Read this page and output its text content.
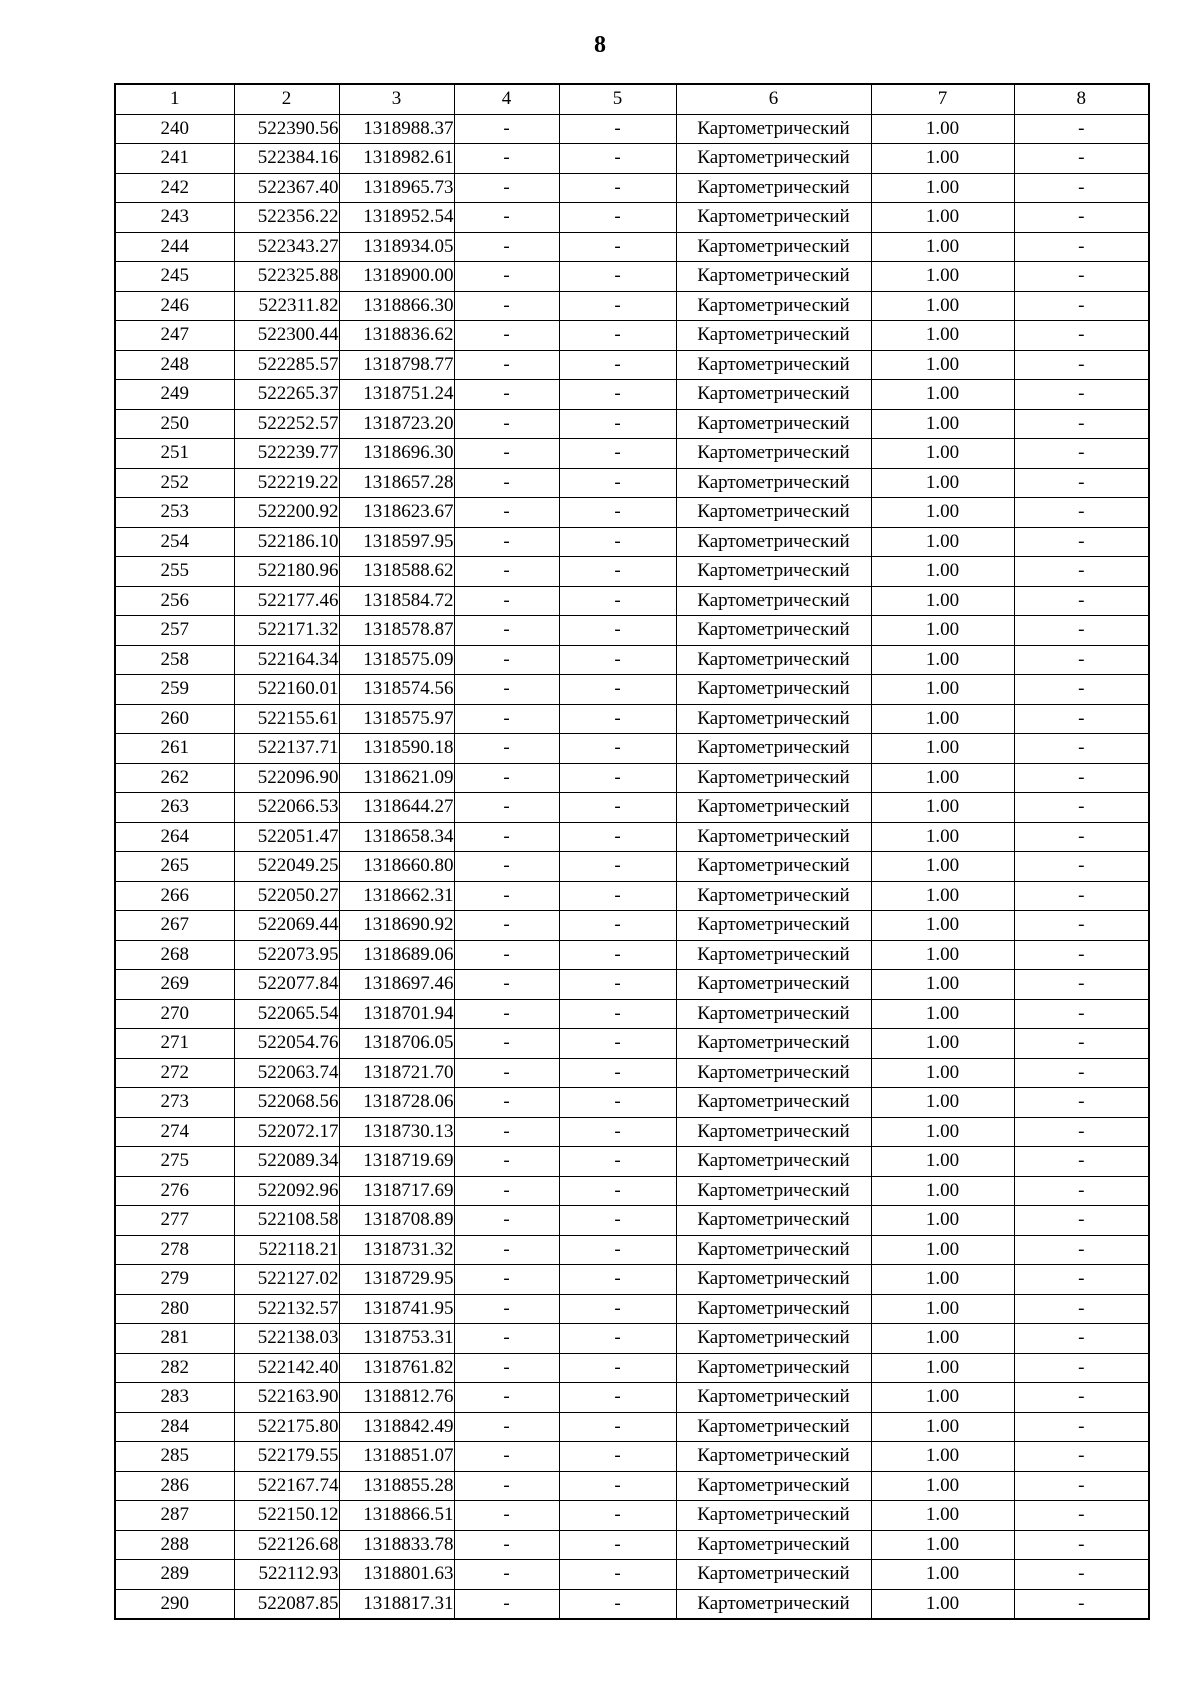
8
1	2	3	4	5	6	7	8
240	522390.56	1318988.37	-	-	Картометрический	1.00	-
241	522384.16	1318982.61	-	-	Картометрический	1.00	-
242	522367.40	1318965.73	-	-	Картометрический	1.00	-
243	522356.22	1318952.54	-	-	Картометрический	1.00	-
244	522343.27	1318934.05	-	-	Картометрический	1.00	-
245	522325.88	1318900.00	-	-	Картометрический	1.00	-
246	522311.82	1318866.30	-	-	Картометрический	1.00	-
247	522300.44	1318836.62	-	-	Картометрический	1.00	-
248	522285.57	1318798.77	-	-	Картометрический	1.00	-
249	522265.37	1318751.24	-	-	Картометрический	1.00	-
250	522252.57	1318723.20	-	-	Картометрический	1.00	-
251	522239.77	1318696.30	-	-	Картометрический	1.00	-
252	522219.22	1318657.28	-	-	Картометрический	1.00	-
253	522200.92	1318623.67	-	-	Картометрический	1.00	-
254	522186.10	1318597.95	-	-	Картометрический	1.00	-
255	522180.96	1318588.62	-	-	Картометрический	1.00	-
256	522177.46	1318584.72	-	-	Картометрический	1.00	-
257	522171.32	1318578.87	-	-	Картометрический	1.00	-
258	522164.34	1318575.09	-	-	Картометрический	1.00	-
259	522160.01	1318574.56	-	-	Картометрический	1.00	-
260	522155.61	1318575.97	-	-	Картометрический	1.00	-
261	522137.71	1318590.18	-	-	Картометрический	1.00	-
262	522096.90	1318621.09	-	-	Картометрический	1.00	-
263	522066.53	1318644.27	-	-	Картометрический	1.00	-
264	522051.47	1318658.34	-	-	Картометрический	1.00	-
265	522049.25	1318660.80	-	-	Картометрический	1.00	-
266	522050.27	1318662.31	-	-	Картометрический	1.00	-
267	522069.44	1318690.92	-	-	Картометрический	1.00	-
268	522073.95	1318689.06	-	-	Картометрический	1.00	-
269	522077.84	1318697.46	-	-	Картометрический	1.00	-
270	522065.54	1318701.94	-	-	Картометрический	1.00	-
271	522054.76	1318706.05	-	-	Картометрический	1.00	-
272	522063.74	1318721.70	-	-	Картометрический	1.00	-
273	522068.56	1318728.06	-	-	Картометрический	1.00	-
274	522072.17	1318730.13	-	-	Картометрический	1.00	-
275	522089.34	1318719.69	-	-	Картометрический	1.00	-
276	522092.96	1318717.69	-	-	Картометрический	1.00	-
277	522108.58	1318708.89	-	-	Картометрический	1.00	-
278	522118.21	1318731.32	-	-	Картометрический	1.00	-
279	522127.02	1318729.95	-	-	Картометрический	1.00	-
280	522132.57	1318741.95	-	-	Картометрический	1.00	-
281	522138.03	1318753.31	-	-	Картометрический	1.00	-
282	522142.40	1318761.82	-	-	Картометрический	1.00	-
283	522163.90	1318812.76	-	-	Картометрический	1.00	-
284	522175.80	1318842.49	-	-	Картометрический	1.00	-
285	522179.55	1318851.07	-	-	Картометрический	1.00	-
286	522167.74	1318855.28	-	-	Картометрический	1.00	-
287	522150.12	1318866.51	-	-	Картометрический	1.00	-
288	522126.68	1318833.78	-	-	Картометрический	1.00	-
289	522112.93	1318801.63	-	-	Картометрический	1.00	-
290	522087.85	1318817.31	-	-	Картометрический	1.00	-
